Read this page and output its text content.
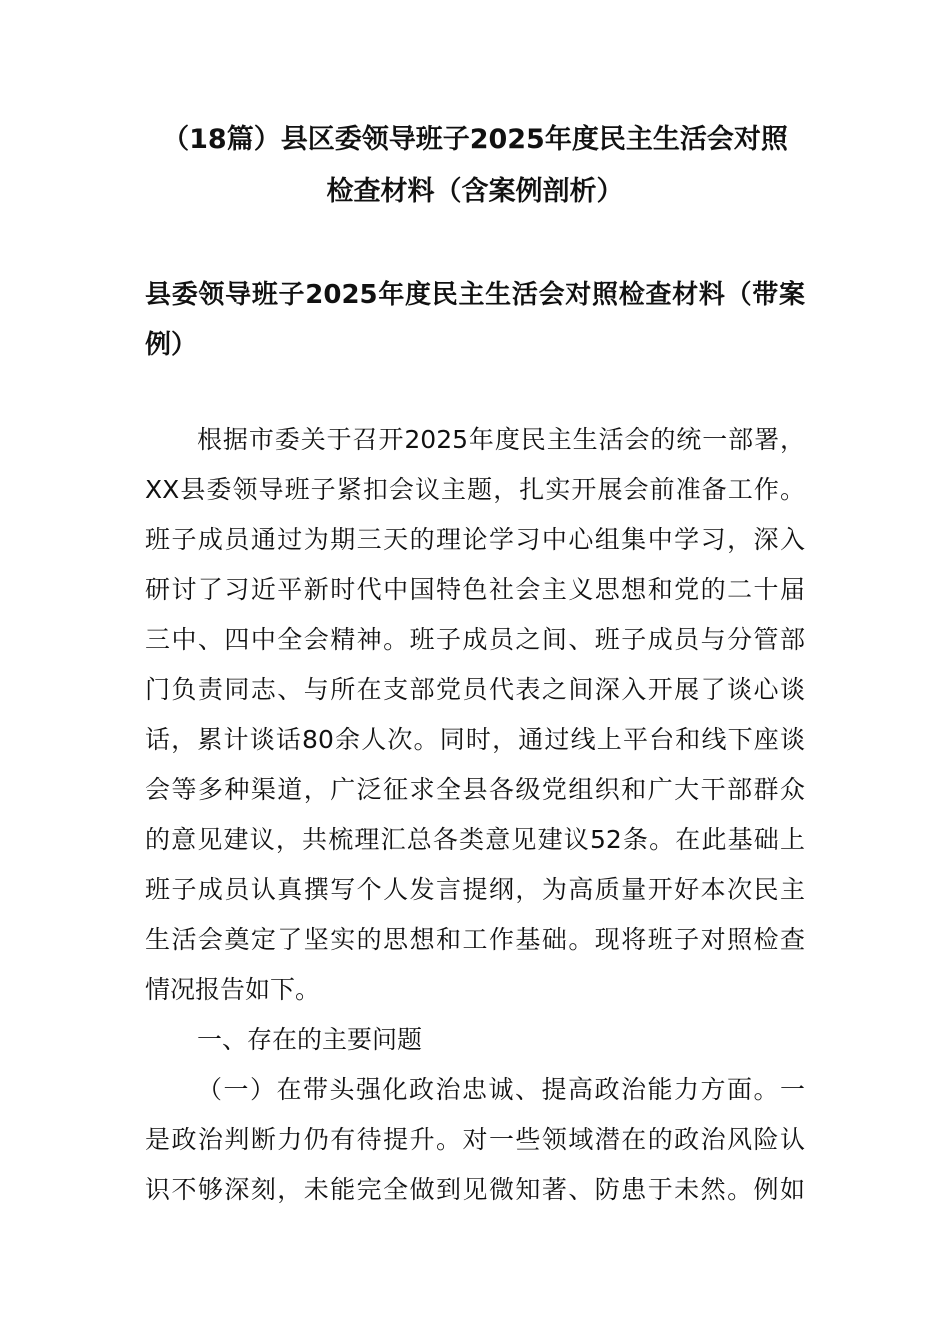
（18篇）县区委领导班子2025年度民主生活会对照
检查材料（含案例剖析）
县委领导班子2025年度民主生活会对照检查材料（带案
例）
根据市委关于召开2025年度民主生活会的统一部署，
XX县委领导班子紧扣会议主题，扎实开展会前准备工作。
班子成员通过为期三天的理论学习中心组集中学习，深入
研讨了习近平新时代中国特色社会主义思想和党的二十届
三中、四中全会精神。班子成员之间、班子成员与分管部
门负责同志、与所在支部党员代表之间深入开展了谈心谈
话，累计谈话80余人次。同时，通过线上平台和线下座谈
会等多种渠道，广泛征求全县各级党组织和广大干部群众
的意见建议，共梳理汇总各类意见建议52条。在此基础上
班子成员认真撰写个人发言提纲，为高质量开好本次民主
生活会奠定了坚实的思想和工作基础。现将班子对照检查
情况报告如下。
一、存在的主要问题
（一）在带头强化政治忠诚、提高政治能力方面。一
是政治判断力仍有待提升。对一些领域潜在的政治风险认
识不够深刻，未能完全做到见微知著、防患于未然。例如
